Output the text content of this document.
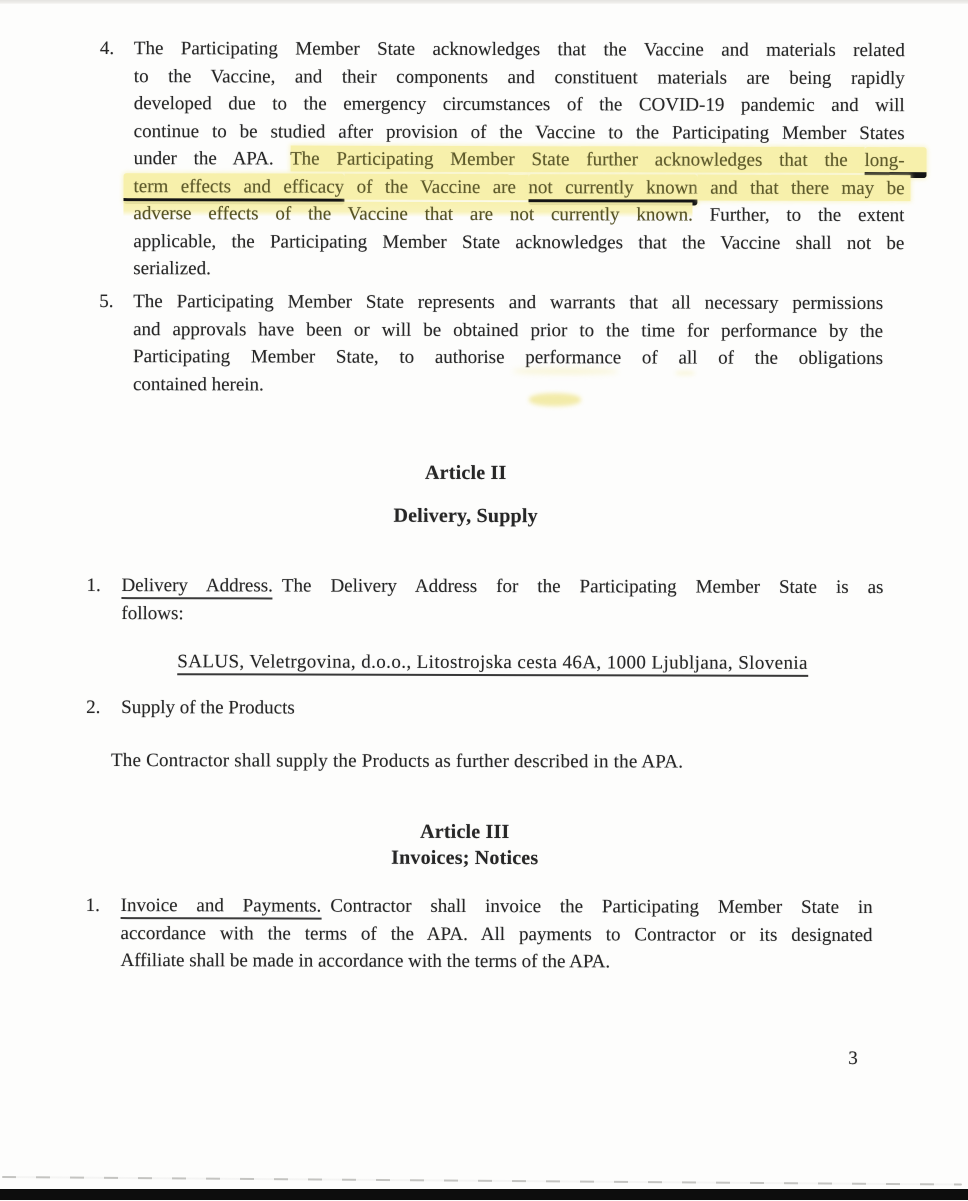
4.	The Participating Member State acknowledges that the Vaccine and materials related
to the Vaccine, and their components and constituent materials are being rapidly
developed due to the emergency circumstances of the COVID-19 pandemic and will
continue to be studied after provision of the Vaccine to the Participating Member States
under the APA. The Participating Member State further acknowledges that the long-
term effects and efficacy of the Vaccine are not currently known and that there may be
adverse effects of the Vaccine that are not currently known. Further, to the extent
applicable, the Participating Member State acknowledges that the Vaccine shall not be
serialized.
5.	The Participating Member State represents and warrants that all necessary permissions
and approvals have been or will be obtained prior to the time for performance by the
Participating Member State, to authorise performance of all of the obligations
contained herein.
Article II
Delivery, Supply
1.	Delivery Address. The Delivery Address for the Participating Member State is as
follows:
SALUS, Veletrgovina, d.o.o., Litostrojska cesta 46A, 1000 Ljubljana, Slovenia
2.	Supply of the Products
The Contractor shall supply the Products as further described in the APA.
Article III
Invoices; Notices
1.	Invoice and Payments. Contractor shall invoice the Participating Member State in
accordance with the terms of the APA. All payments to Contractor or its designated
Affiliate shall be made in accordance with the terms of the APA.
3
